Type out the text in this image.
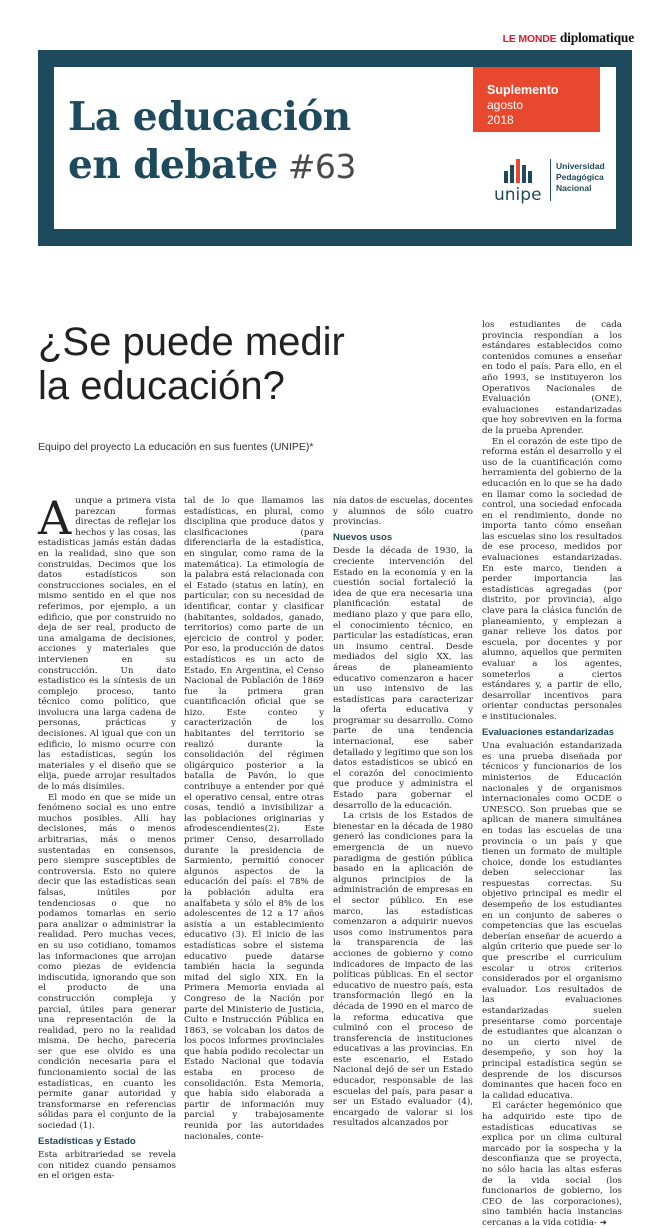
LE MONDE diplomatique
La educación
en debate #63
Suplemento
agosto
2018
unipe
Universidad
Pedagógica
Nacional
¿Se puede medir
la educación?
Equipo del proyecto La educación en sus fuentes (UNIPE)*

Aunque a primera vista parezcan formas directas de reflejar los hechos y las cosas, las estadísticas jamás están dadas en la realidad, sino que son construidas. Decimos que los datos estadísticos son construcciones sociales, en el mismo sentido en el que nos referimos, por ejemplo, a un edificio, que por construido no deja de ser real, producto de una amalgama de decisiones, acciones y materiales que intervienen en su construcción. Un dato estadístico es la síntesis de un complejo proceso, tanto técnico como político, que involucra una larga cadena de personas, prácticas y decisiones. Al igual que con un edificio, lo mismo ocurre con las estadísticas, según los materiales y el diseño que se elija, puede arrojar resultados de lo más disímiles.

El modo en que se mide un fenómeno social es uno entre muchos posibles. Allí hay decisiones, más o menos arbitrarias, más o menos sustentadas en consensos, pero siempre susceptibles de controversia. Esto no quiere decir que las estadísticas sean falsas, inútiles por tendenciosas o que no podamos tomarlas en serio para analizar o administrar la realidad. Pero muchas veces, en su uso cotidiano, tomamos las informaciones que arrojan como piezas de evidencia indiscutida, ignorando que son el producto de una construcción compleja y parcial, útiles para generar una representación de la realidad, pero no la realidad misma. De hecho, parecería ser que ese olvido es una condición necesaria para el funcionamiento social de las estadísticas, en cuanto les permite ganar autoridad y transformarse en referencias sólidas para el conjunto de la sociedad (1).

Estadísticas y Estado

Esta arbitrariedad se revela con nitidez cuando pensamos en el origen esta-

tal de lo que llamamos las estadísticas, en plural, como disciplina que produce datos y clasificaciones (para diferenciarla de la estadística, en singular, como rama de la matemática). La etimología de la palabra está relacionada con el Estado (status en latín), en particular, con su necesidad de identificar, contar y clasificar (habitantes, soldados, ganado, territorios) como parte de un ejercicio de control y poder. Por eso, la producción de datos estadísticos es un acto de Estado. En Argentina, el Censo Nacional de Población de 1869 fue la primera gran cuantificación oficial que se hizo. Este conteo y caracterización de los habitantes del territorio se realizó durante la consolidación del régimen oligárquico posterior a la batalla de Pavón, lo que contribuye a entender por qué el operativo censal, entre otras cosas, tendió a invisibilizar a las poblaciones originarias y afrodescendientes(2). Este primer Censo, desarrollado durante la presidencia de Sarmiento, permitió conocer algunos aspectos de la educación del país: el 78% de la población adulta era analfabeta y sólo el 8% de los adolescentes de 12 a 17 años asistía a un establecimiento educativo (3). El inicio de las estadísticas sobre el sistema educativo puede datarse también hacia la segunda mitad del siglo XIX. En la Primera Memoria enviada al Congreso de la Nación por parte del Ministerio de Justicia, Culto e Instrucción Pública en 1863, se volcaban los datos de los pocos informes provinciales que había podido recolectar un Estado Nacional que todavía estaba en proceso de consolidación. Esta Memoria, que había sido elaborada a partir de información muy parcial y trabajosamente reunida por las autoridades nacionales, conte-

nía datos de escuelas, docentes y alumnos de sólo cuatro provincias.

Nuevos usos

Desde la década de 1930, la creciente intervención del Estado en la economía y en la cuestión social fortaleció la idea de que era necesaria una planificación estatal de mediano plazo y que para ello, el conocimiento técnico, en particular las estadísticas, eran un insumo central. Desde mediados del siglo XX, las áreas de planeamiento educativo comenzaron a hacer un uso intensivo de las estadísticas para caracterizar la oferta educativa y programar su desarrollo. Como parte de una tendencia internacional, ese saber detallado y legítimo que son los datos estadísticos se ubicó en el corazón del conocimiento que produce y administra el Estado para gobernar el desarrollo de la educación.

La crisis de los Estados de bienestar en la década de 1980 generó las condiciones para la emergencia de un nuevo paradigma de gestión pública basado en la aplicación de algunos principios de la administración de empresas en el sector público. En ese marco, las estadísticas comenzaron a adquirir nuevos usos como instrumentos para la transparencia de las acciones de gobierno y como indicadores de impacto de las políticas públicas. En el sector educativo de nuestro país, esta transformación llegó en la década de 1990 en el marco de la reforma educativa que culminó con el proceso de transferencia de instituciones educativas a las provincias. En este escenario, el Estado Nacional dejó de ser un Estado educador, responsable de las escuelas del país, para pasar a ser un Estado evaluador (4), encargado de valorar si los resultados alcanzados por

los estudiantes de cada provincia respondían a los estándares establecidos como contenidos comunes a enseñar en todo el país. Para ello, en el año 1993, se instituyeron los Operativos Nacionales de Evaluación (ONE), evaluaciones estandarizadas que hoy sobreviven en la forma de la prueba Aprender.

En el corazón de este tipo de reforma están el desarrollo y el uso de la cuantificación como herramienta del gobierno de la educación en lo que se ha dado en llamar como la sociedad de control, una sociedad enfocada en el rendimiento, donde no importa tanto cómo enseñan las escuelas sino los resultados de ese proceso, medidos por evaluaciones estandarizadas. En este marco, tienden a perder importancia las estadísticas agregadas (por distrito, por provincia), algo clave para la clásica función de planeamiento, y empiezan a ganar relieve los datos por escuela, por docentes y por alumno, aquellos que permiten evaluar a los agentes, someterlos a ciertos estándares y, a partir de ello, desarrollar incentivos para orientar conductas personales e institucionales.

Evaluaciones estandarizadas

Una evaluación estandarizada es una prueba diseñada por técnicos y funcionarios de los ministerios de Educación nacionales y de organismos internacionales como OCDE o UNESCO. Son pruebas que se aplican de manera simultánea en todas las escuelas de una provincia o un país y que tienen un formato de multiple choice, donde los estudiantes deben seleccionar las respuestas correctas. Su objetivo principal es medir el desempeño de los estudiantes en un conjunto de saberes o competencias que las escuelas deberían enseñar de acuerdo a algún criterio que puede ser lo que prescribe el curriculum escolar u otros criterios considerados por el organismo evaluador. Los resultados de las evaluaciones estandarizadas suelen presentarse como porcentaje de estudiantes que alcanzan o no un cierto nivel de desempeño, y son hoy la principal estadística según se desprende de los discursos dominantes que hacen foco en la calidad educativa.

El carácter hegemónico que ha adquirido este tipo de estadísticas educativas se explica por un clima cultural marcado por la sospecha y la desconfianza que se proyecta, no sólo hacia las altas esferas de la vida social (los funcionarios de gobierno, los CEO de las corporaciones), sino también hacia instancias cercanas a la vida cotidia- ➜
